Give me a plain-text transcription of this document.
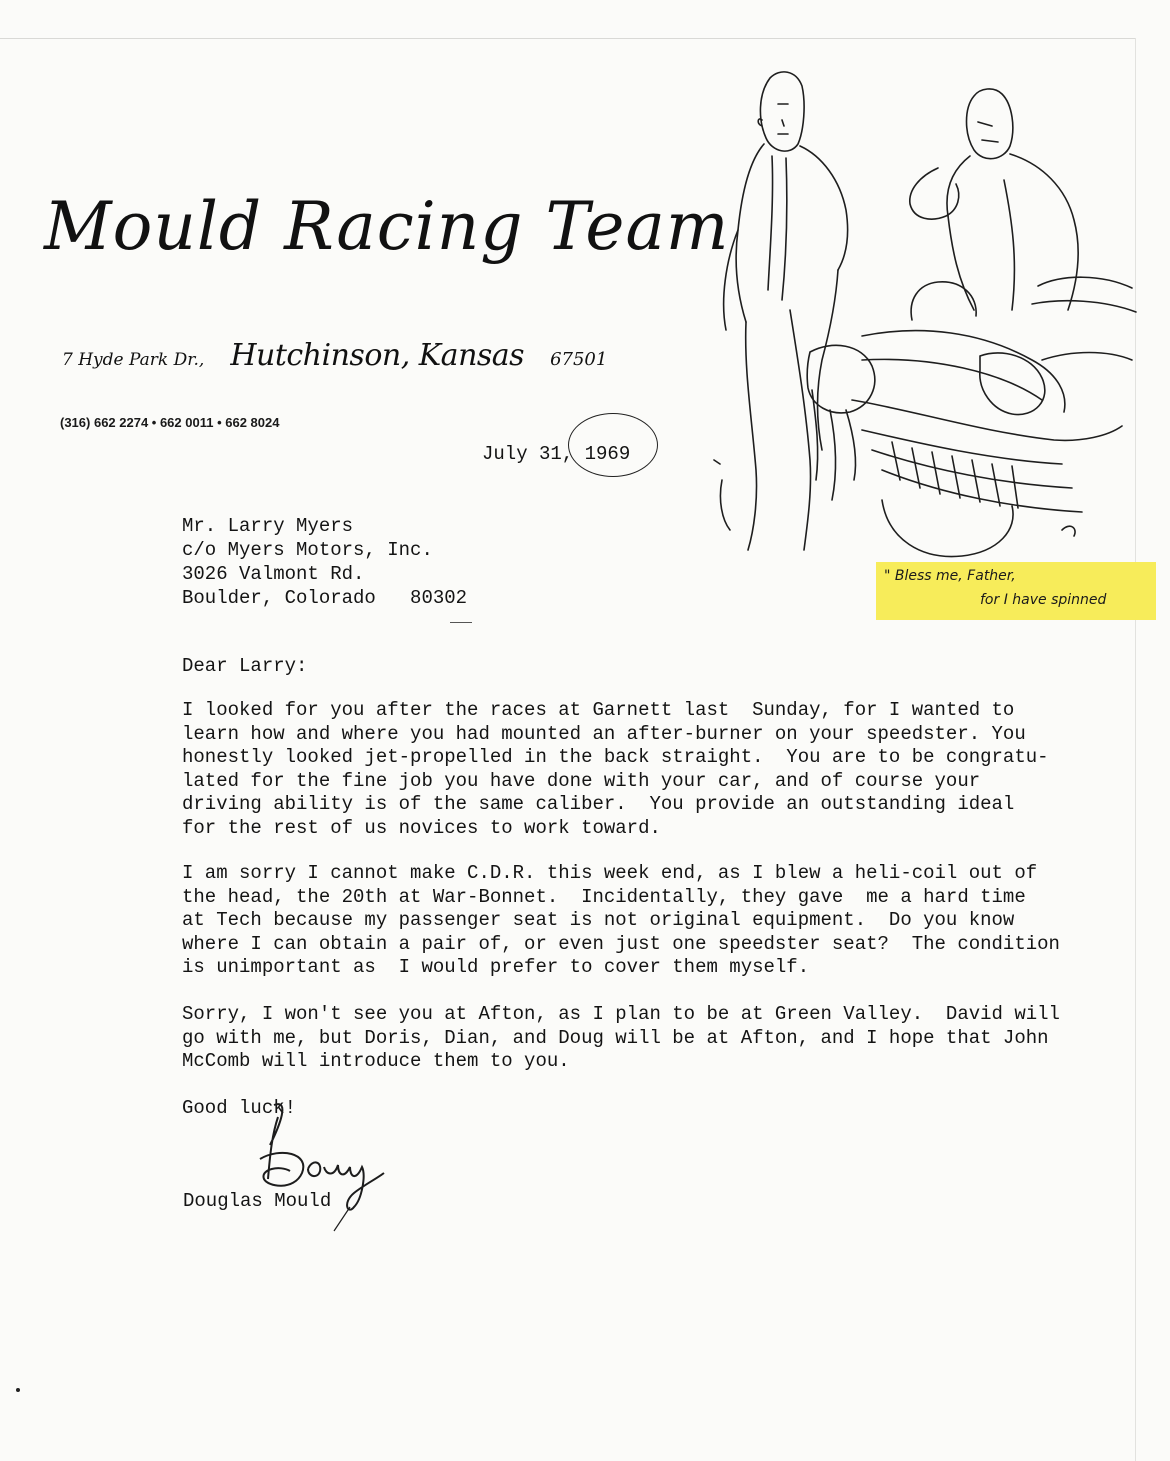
Mould Racing Team
7 Hyde Park Dr., Hutchinson, Kansas 67501
(316) 662 2274 • 662 0011 • 662 8024
July 31, 1969
Mr. Larry Myers
c/o Myers Motors, Inc.
3026 Valmont Rd.
Boulder, Colorado   80302
Dear Larry:

I looked for you after the races at Garnett last  Sunday, for I wanted to
learn how and where you had mounted an after-burner on your speedster. You
honestly looked jet-propelled in the back straight.  You are to be congratu-
lated for the fine job you have done with your car, and of course your
driving ability is of the same caliber.  You provide an outstanding ideal
for the rest of us novices to work toward.

I am sorry I cannot make C.D.R. this week end, as I blew a heli-coil out of
the head, the 20th at War-Bonnet.  Incidentally, they gave  me a hard time
at Tech because my passenger seat is not original equipment.  Do you know
where I can obtain a pair of, or even just one speedster seat?  The condition
is unimportant as  I would prefer to cover them myself.

Sorry, I won't see you at Afton, as I plan to be at Green Valley.  David will
go with me, but Doris, Dian, and Doug will be at Afton, and I hope that John
McComb will introduce them to you.

Good luck!
Douglas Mould
" Bless me, Father,
for I have spinned
